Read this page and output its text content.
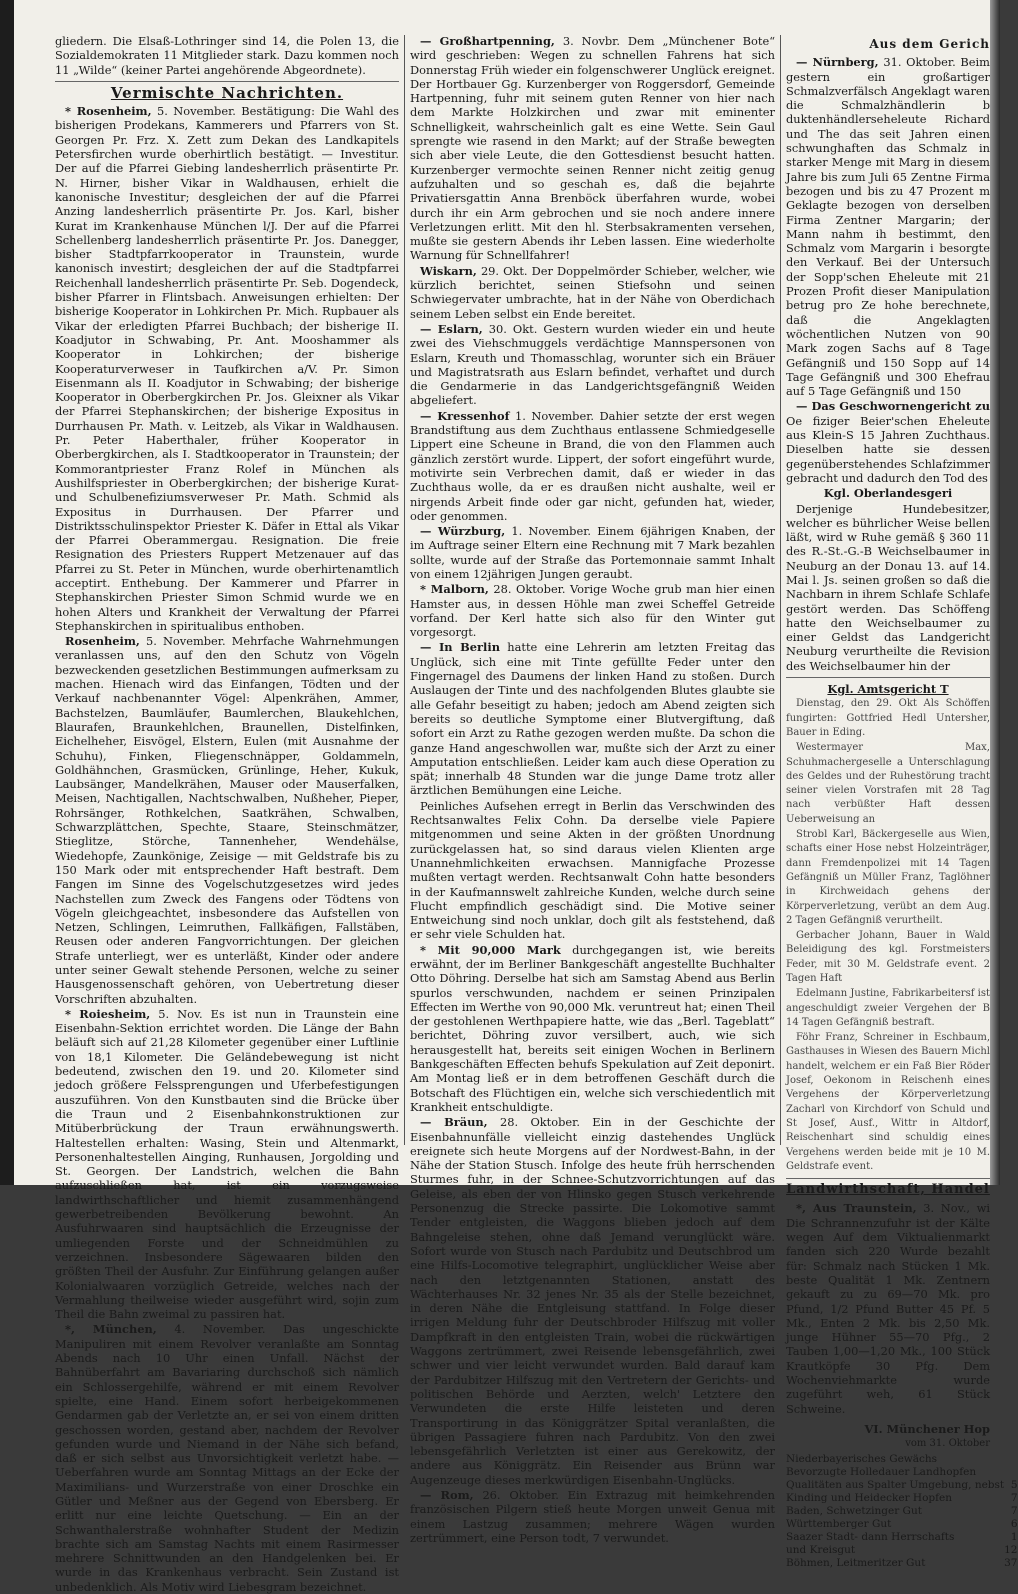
gliedern. Die Elsaß-Lothringer sind 14, die Polen 13, die Sozialdemokraten 11 Mitglieder stark. Dazu kommen noch 11 „Wilde“ (keiner Partei angehörende Abgeordnete).

Vermischte Nachrichten.

* Rosenheim, 5. November. Bestätigung: Die Wahl des bisherigen Prodekans, Kammerers und Pfarrers von St. Georgen Pr. Frz. X. Zett zum Dekan des Landkapitels Petersfirchen wurde oberhirtlich bestätigt. — Investitur. Der auf die Pfarrei Giebing landesherrlich präsentirte Pr. N. Hirner, bisher Vikar in Waldhausen, erhielt die kanonische Investitur; desgleichen der auf die Pfarrei Anzing landesherrlich präsentirte Pr. Jos. Karl, bisher Kurat im Krankenhause München l/J. Der auf die Pfarrei Schellenberg landesherrlich präsentirte Pr. Jos. Danegger, bisher Stadtpfarrkooperator in Traunstein, wurde kanonisch investirt; desgleichen der auf die Stadtpfarrei Reichenhall landesherrlich präsentirte Pr. Seb. Dogendeck, bisher Pfarrer in Flintsbach. Anweisungen erhielten: Der bisherige Kooperator in Lohkirchen Pr. Mich. Rupbauer als Vikar der erledigten Pfarrei Buchbach; der bisherige II. Koadjutor in Schwabing, Pr. Ant. Mooshammer als Kooperator in Lohkirchen; der bisherige Kooperaturverweser in Taufkirchen a/V. Pr. Simon Eisenmann als II. Koadjutor in Schwabing; der bisherige Kooperator in Oberbergkirchen Pr. Jos. Gleixner als Vikar der Pfarrei Stephanskirchen; der bisherige Expositus in Durrhausen Pr. Math. v. Leitzeb, als Vikar in Waldhausen. Pr. Peter Haberthaler, früher Kooperator in Oberbergkirchen, als I. Stadtkooperator in Traunstein; der Kommorantpriester Franz Rolef in München als Aushilfspriester in Oberbergkirchen; der bisherige Kurat- und Schulbenefiziumsverweser Pr. Math. Schmid als Expositus in Durrhausen. Der Pfarrer und Distriktsschulinspektor Priester K. Däfer in Ettal als Vikar der Pfarrei Oberammergau. Resignation. Die freie Resignation des Priesters Ruppert Metzenauer auf das Pfarrei zu St. Peter in München, wurde oberhirtenamtlich acceptirt. Enthebung. Der Kammerer und Pfarrer in Stephanskirchen Priester Simon Schmid wurde we en hohen Alters und Krankheit der Verwaltung der Pfarrei Stephanskirchen in spiritualibus enthoben.

Rosenheim, 5. November. Mehrfache Wahrnehmungen veranlassen uns, auf den den Schutz von Vögeln bezweckenden gesetzlichen Bestimmungen aufmerksam zu machen. Hienach wird das Einfangen, Tödten und der Verkauf nachbenannter Vögel: Alpenkrähen, Ammer, Bachstelzen, Baumläufer, Baumlerchen, Blaukehlchen, Blaurafen, Braunkehlchen, Braunellen, Distelfinken, Eichelheher, Eisvögel, Elstern, Eulen (mit Ausnahme der Schuhu), Finken, Fliegenschnäpper, Goldammeln, Goldhähnchen, Grasmücken, Grünlinge, Heher, Kukuk, Laubsänger, Mandelkrähen, Mauser oder Mauserfalken, Meisen, Nachtigallen, Nachtschwalben, Nußheher, Pieper, Rohrsänger, Rothkelchen, Saatkrähen, Schwalben, Schwarzplättchen, Spechte, Staare, Steinschmätzer, Stieglitze, Störche, Tannenheher, Wendehälse, Wiedehopfe, Zaunkönige, Zeisige — mit Geldstrafe bis zu 150 Mark oder mit entsprechender Haft bestraft. Dem Fangen im Sinne des Vogelschutzgesetzes wird jedes Nachstellen zum Zweck des Fangens oder Tödtens von Vögeln gleichgeachtet, insbesondere das Aufstellen von Netzen, Schlingen, Leimruthen, Fallkäfigen, Fallstäben, Reusen oder anderen Fangvorrichtungen. Der gleichen Strafe unterliegt, wer es unterläßt, Kinder oder andere unter seiner Gewalt stehende Personen, welche zu seiner Hausgenossenschaft gehören, von Uebertretung dieser Vorschriften abzuhalten.

* Roiesheim, 5. Nov. Es ist nun in Traunstein eine Eisenbahn-Sektion errichtet worden. Die Länge der Bahn beläuft sich auf 21,28 Kilometer gegenüber einer Luftlinie von 18,1 Kilometer. Die Geländebewegung ist nicht bedeutend, zwischen den 19. und 20. Kilometer sind jedoch größere Felssprengungen und Uferbefestigungen auszuführen. Von den Kunstbauten sind die Brücke über die Traun und 2 Eisenbahnkonstruktionen zur Mitüberbrückung der Traun erwähnungswerth. Haltestellen erhalten: Wasing, Stein und Altenmarkt, Personenhaltestellen Ainging, Runhausen, Jorgolding und St. Georgen. Der Landstrich, welchen die Bahn aufzuschließen hat, ist ein vorzugsweise landwirthschaftlicher und hiemit zusammenhängend gewerbetreibenden Bevölkerung bewohnt. An Ausfuhrwaaren sind hauptsächlich die Erzeugnisse der umliegenden Forste und der Schneidmühlen zu verzeichnen. Insbesondere Sägewaaren bilden den größten Theil der Ausfuhr. Zur Einführung gelangen außer Kolonialwaaren vorzüglich Getreide, welches nach der Vermahlung theilweise wieder ausgeführt wird, sojin zum Theil die Bahn zweimal zu passiren hat.

*, München, 4. November. Das ungeschickte Manipuliren mit einem Revolver veranlaßte am Sonntag Abends nach 10 Uhr einen Unfall. Nächst der Bahnüberfahrt am Bavariaring durchschoß sich nämlich ein Schlossergehilfe, während er mit einem Revolver spielte, eine Hand. Einem sofort herbeigekommenen Gendarmen gab der Verletzte an, er sei von einem dritten geschossen worden, gestand aber, nachdem der Revolver gefunden wurde und Niemand in der Nähe sich befand, daß er sich selbst aus Unvorsichtigkeit verletzt habe. — Ueberfahren wurde am Sonntag Mittags an der Ecke der Maximilians- und Wurzerstraße von einer Droschke ein Gütler und Meßner aus der Gegend von Ebersberg. Er erlitt nur eine leichte Quetschung. — Ein an der Schwanthalerstraße wohnhafter Student der Medizin brachte sich am Samstag Nachts mit einem Rasirmesser mehrere Schnittwunden an den Handgelenken bei. Er wurde in das Krankenhaus verbracht. Sein Zustand ist unbedenklich. Als Motiv wird Liebesgram bezeichnet.

— Großhartpenning, 3. Novbr. Dem „Münchener Bote“ wird geschrieben: Wegen zu schnellen Fahrens hat sich Donnerstag Früh wieder ein folgenschwerer Unglück ereignet. Der Hortbauer Gg. Kurzenberger von Roggersdorf, Gemeinde Hartpenning, fuhr mit seinem guten Renner von hier nach dem Markte Holzkirchen und zwar mit eminenter Schnelligkeit, wahrscheinlich galt es eine Wette. Sein Gaul sprengte wie rasend in den Markt; auf der Straße bewegten sich aber viele Leute, die den Gottesdienst besucht hatten. Kurzenberger vermochte seinen Renner nicht zeitig genug aufzuhalten und so geschah es, daß die bejahrte Privatiersgattin Anna Brenböck überfahren wurde, wobei durch ihr ein Arm gebrochen und sie noch andere innere Verletzungen erlitt. Mit den hl. Sterbsakramenten versehen, mußte sie gestern Abends ihr Leben lassen. Eine wiederholte Warnung für Schnellfahrer!

Wiskarn, 29. Okt. Der Doppelmörder Schieber, welcher, wie kürzlich berichtet, seinen Stiefsohn und seinen Schwiegervater umbrachte, hat in der Nähe von Oberdichach seinem Leben selbst ein Ende bereitet.

— Eslarn, 30. Okt. Gestern wurden wieder ein und heute zwei des Viehschmuggels verdächtige Mannspersonen von Eslarn, Kreuth und Thomasschlag, worunter sich ein Bräuer und Magistratsrath aus Eslarn befindet, verhaftet und durch die Gendarmerie in das Landgerichtsgefängniß Weiden abgeliefert.

— Kressenhof 1. November. Dahier setzte der erst wegen Brandstiftung aus dem Zuchthaus entlassene Schmiedgeselle Lippert eine Scheune in Brand, die von den Flammen auch gänzlich zerstört wurde. Lippert, der sofort eingeführt wurde, motivirte sein Verbrechen damit, daß er wieder in das Zuchthaus wolle, da er es draußen nicht aushalte, weil er nirgends Arbeit finde oder gar nicht, gefunden hat, wieder, oder genommen.

— Würzburg, 1. November. Einem 6jährigen Knaben, der im Auftrage seiner Eltern eine Rechnung mit 7 Mark bezahlen sollte, wurde auf der Straße das Portemonnaie sammt Inhalt von einem 12jährigen Jungen geraubt.

* Malborn, 28. Oktober. Vorige Woche grub man hier einen Hamster aus, in dessen Höhle man zwei Scheffel Getreide vorfand. Der Kerl hatte sich also für den Winter gut vorgesorgt.

— In Berlin hatte eine Lehrerin am letzten Freitag das Unglück, sich eine mit Tinte gefüllte Feder unter den Fingernagel des Daumens der linken Hand zu stoßen. Durch Auslaugen der Tinte und des nachfolgenden Blutes glaubte sie alle Gefahr beseitigt zu haben; jedoch am Abend zeigten sich bereits so deutliche Symptome einer Blutvergiftung, daß sofort ein Arzt zu Rathe gezogen werden mußte. Da schon die ganze Hand angeschwollen war, mußte sich der Arzt zu einer Amputation entschließen. Leider kam auch diese Operation zu spät; innerhalb 48 Stunden war die junge Dame trotz aller ärztlichen Bemühungen eine Leiche.

Peinliches Aufsehen erregt in Berlin das Verschwinden des Rechtsanwaltes Felix Cohn. Da derselbe viele Papiere mitgenommen und seine Akten in der größten Unordnung zurückgelassen hat, so sind daraus vielen Klienten arge Unannehmlichkeiten erwachsen. Mannigfache Prozesse mußten vertagt werden. Rechtsanwalt Cohn hatte besonders in der Kaufmannswelt zahlreiche Kunden, welche durch seine Flucht empfindlich geschädigt sind. Die Motive seiner Entweichung sind noch unklar, doch gilt als feststehend, daß er sehr viele Schulden hat.

* Mit 90,000 Mark durchgegangen ist, wie bereits erwähnt, der im Berliner Bankgeschäft angestellte Buchhalter Otto Döhring. Derselbe hat sich am Samstag Abend aus Berlin spurlos verschwunden, nachdem er seinen Prinzipalen Effecten im Werthe von 90,000 Mk. veruntreut hat; einen Theil der gestohlenen Werthpapiere hatte, wie das „Berl. Tageblatt“ berichtet, Döhring zuvor versilbert, auch, wie sich herausgestellt hat, bereits seit einigen Wochen in Berlinern Bankgeschäften Effecten behufs Spekulation auf Zeit deponirt. Am Montag ließ er in dem betroffenen Geschäft durch die Botschaft des Flüchtigen ein, welche sich verschiedentlich mit Krankheit entschuldigte.

— Bräun, 28. Oktober. Ein in der Geschichte der Eisenbahnunfälle vielleicht einzig dastehendes Unglück ereignete sich heute Morgens auf der Nordwest-Bahn, in der Nähe der Station Stusch. Infolge des heute früh herrschenden Sturmes fuhr, in der Schnee-Schutzvorrichtungen auf das Geleise, als eben der von Hlinsko gegen Stusch verkehrende Personenzug die Strecke passirte. Die Lokomotive sammt Tender entgleisten, die Waggons blieben jedoch auf dem Bahngeleise stehen, ohne daß Jemand verunglückt wäre. Sofort wurde von Stusch nach Pardubitz und Deutschbrod um eine Hilfs-Locomotive telegraphirt, unglücklicher Weise aber nach den letztgenannten Stationen, anstatt des Wächterhauses Nr. 32 jenes Nr. 35 als der Stelle bezeichnet, in deren Nähe die Entgleisung stattfand. In Folge dieser irrigen Meldung fuhr der Deutschbroder Hilfszug mit voller Dampfkraft in den entgleisten Train, wobei die rückwärtigen Waggons zertrümmert, zwei Reisende lebensgefährlich, zwei schwer und vier leicht verwundet wurden. Bald darauf kam der Pardubitzer Hilfszug mit den Vertretern der Gerichts- und politischen Behörde und Aerzten, welch' Letztere den Verwundeten die erste Hilfe leisteten und deren Transportirung in das Königgrätzer Spital veranlaßten, die übrigen Passagiere fuhren nach Pardubitz. Von den zwei lebensgefährlich Verletzten ist einer aus Gerekowitz, der andere aus Königgrätz. Ein Reisender aus Brünn war Augenzeuge dieses merkwürdigen Eisenbahn-Unglücks.

— Rom, 26. Oktober. Ein Extrazug mit heimkehrenden französischen Pilgern stieß heute Morgen unweit Genua mit einem Lastzug zusammen; mehrere Wägen wurden zertrümmert, eine Person todt, 7 verwundet.

Aus dem Gerich

— Nürnberg, 31. Oktober. Beim gestern ein großartiger Schmalzverfälsch Angeklagt waren die Schmalzhändlerin b duktenhändlerseheleute Richard und The das seit Jahren einen schwunghaften das Schmalz in starker Menge mit Marg in diesem Jahre bis zum Juli 65 Zentne Firma bezogen und bis zu 47 Prozent m Geklagte bezogen von derselben Firma Zentner Margarin; der Mann nahm ih bestimmt, den Schmalz vom Margarin i besorgte den Verkauf. Bei der Untersuch der Sopp'schen Eheleute mit 21 Prozen Profit dieser Manipulation betrug pro Ze hohe berechnete, daß die Angeklagten wöchentlichen Nutzen von 90 Mark zogen Sachs auf 8 Tage Gefängniß und 150 Sopp auf 14 Tage Gefängniß und 300 Ehefrau auf 5 Tage Gefängniß und 150

— Das Geschwornengericht zu Oe fiziger Beier'schen Eheleute aus Klein-S 15 Jahren Zuchthaus. Dieselben hatte sie dessen gegenüberstehendes Schlafzimmer gebracht und dadurch den Tod des

Kgl. Oberlandesgeri

Derjenige Hundebesitzer, welcher es bührlicher Weise bellen läßt, wird w Ruhe gemäß § 360 11 des R.-St.-G.-B Weichselbaumer in Neuburg an der Donau 13. auf 14. Mai l. Js. seinen großen so daß die Nachbarn in ihrem Schlafe Schlafe gestört werden. Das Schöffeng hatte den Weichselbaumer zu einer Geldst das Landgericht Neuburg verurtheilte die Revision des Weichselbaumer hin der

Kgl. Amtsgericht T

Dienstag, den 29. Okt Als Schöffen fungirten: Gottfried Hedl Untersher, Bauer in Eding.

Westermayer Max, Schuhmachergeselle a Unterschlagung des Geldes und der Ruhestörung tracht seiner vielen Vorstrafen mit 28 Tag nach verbüßter Haft dessen Ueberweisung an

Strobl Karl, Bäckergeselle aus Wien, schafts einer Hose nebst Holzeinträger, dann Fremdenpolizei mit 14 Tagen Gefängniß un Müller Franz, Taglöhner in Kirchweidach gehens der Körperverletzung, verübt an dem Aug. 2 Tagen Gefängniß verurtheilt.

Gerbacher Johann, Bauer in Wald Beleidigung des kgl. Forstmeisters Feder, mit 30 M. Geldstrafe event. 2 Tagen Haft

Edelmann Justine, Fabrikarbeitersf ist angeschuldigt zweier Vergehen der B 14 Tagen Gefängniß bestraft.

Föhr Franz, Schreiner in Eschbaum, Gasthauses in Wiesen des Bauern Michl handelt, welchem er ein Faß Bier Röder Josef, Oekonom in Reischenh eines Vergehens der Körperverletzung Zacharl von Kirchdorf von Schuld und St Josef, Ausf., Wittr in Altdorf, Reischenhart sind schuldig eines Vergehens werden beide mit je 10 M. Geldstrafe event.

Landwirthschaft, Handel

*, Aus Traunstein, 3. Nov., wi Die Schrannenzufuhr ist der Kälte wegen Auf dem Viktualienmarkt fanden sich 220 Wurde bezahlt für: Schmalz nach Stücken 1 Mk. beste Qualität 1 Mk. Zentnern gekauft zu zu 69—70 Mk. pro Pfund, 1/2 Pfund Butter 45 Pf. 5 Mk., Enten 2 Mk. bis 2,50 Mk. junge Hühner 55—70 Pfg., 2 Tauben 1,00—1,20 Mk., 100 Stück Krautköpfe 30 Pfg. Dem Wochenviehmarkte wurde zugeführt weh, 61 Stück Schweine.

VI. Münchener Hop

vom 31. Oktober

Niederbayerisches Gewächs	
Bevorzugte Holledauer Landhopfen	
Qualitäten aus Spalter Umgebung, nebst	5
Kinding und Heidecker Hopfen	7
Baden, Schwetzinger Gut	7
Württemberger Gut	6
Saazer Stadt- dann Herrschafts	1
und Kreisgut	12
Böhmen, Leitmeritzer Gut	37
